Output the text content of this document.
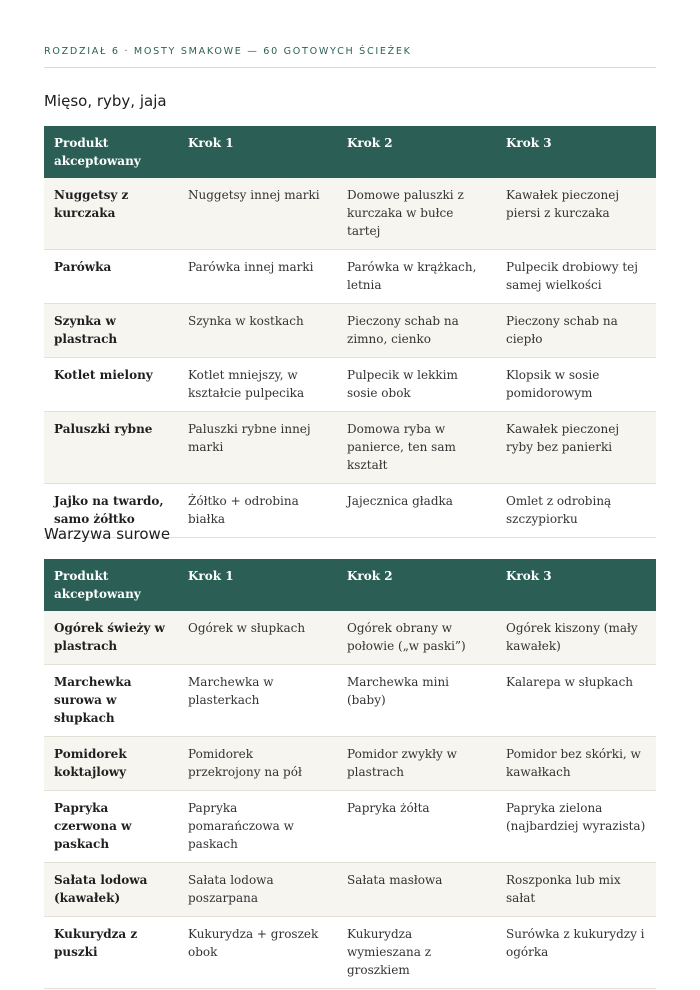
ROZDZIAŁ 6 · MOSTY SMAKOWE — 60 GOTOWYCH ŚCIEŻEK
Mięso, ryby, jaja
Produkt akceptowany	Krok 1	Krok 2	Krok 3
Nuggetsy z kurczaka	Nuggetsy innej marki	Domowe paluszki z kurczaka w bułce tartej	Kawałek pieczonej piersi z kurczaka
Parówka	Parówka innej marki	Parówka w krążkach, letnia	Pulpecik drobiowy tej samej wielkości
Szynka w plastrach	Szynka w kostkach	Pieczony schab na zimno, cienko	Pieczony schab na ciepło
Kotlet mielony	Kotlet mniejszy, w kształcie pulpecika	Pulpecik w lekkim sosie obok	Klopsik w sosie pomidorowym
Paluszki rybne	Paluszki rybne innej marki	Domowa ryba w panierce, ten sam kształt	Kawałek pieczonej ryby bez panierki
Jajko na twardo, samo żółtko	Żółtko + odrobina białka	Jajecznica gładka	Omlet z odrobiną szczypiorku
Warzywa surowe
Produkt akceptowany	Krok 1	Krok 2	Krok 3
Ogórek świeży w plastrach	Ogórek w słupkach	Ogórek obrany w połowie („w paski”)	Ogórek kiszony (mały kawałek)
Marchewka surowa w słupkach	Marchewka w plasterkach	Marchewka mini (baby)	Kalarepa w słupkach
Pomidorek koktajlowy	Pomidorek przekrojony na pół	Pomidor zwykły w plastrach	Pomidor bez skórki, w kawałkach
Papryka czerwona w paskach	Papryka pomarańczowa w paskach	Papryka żółta	Papryka zielona (najbardziej wyrazista)
Sałata lodowa (kawałek)	Sałata lodowa poszarpana	Sałata masłowa	Roszponka lub mix sałat
Kukurydza z puszki	Kukurydza + groszek obok	Kukurydza wymieszana z groszkiem	Surówka z kukurydzy i ogórka
